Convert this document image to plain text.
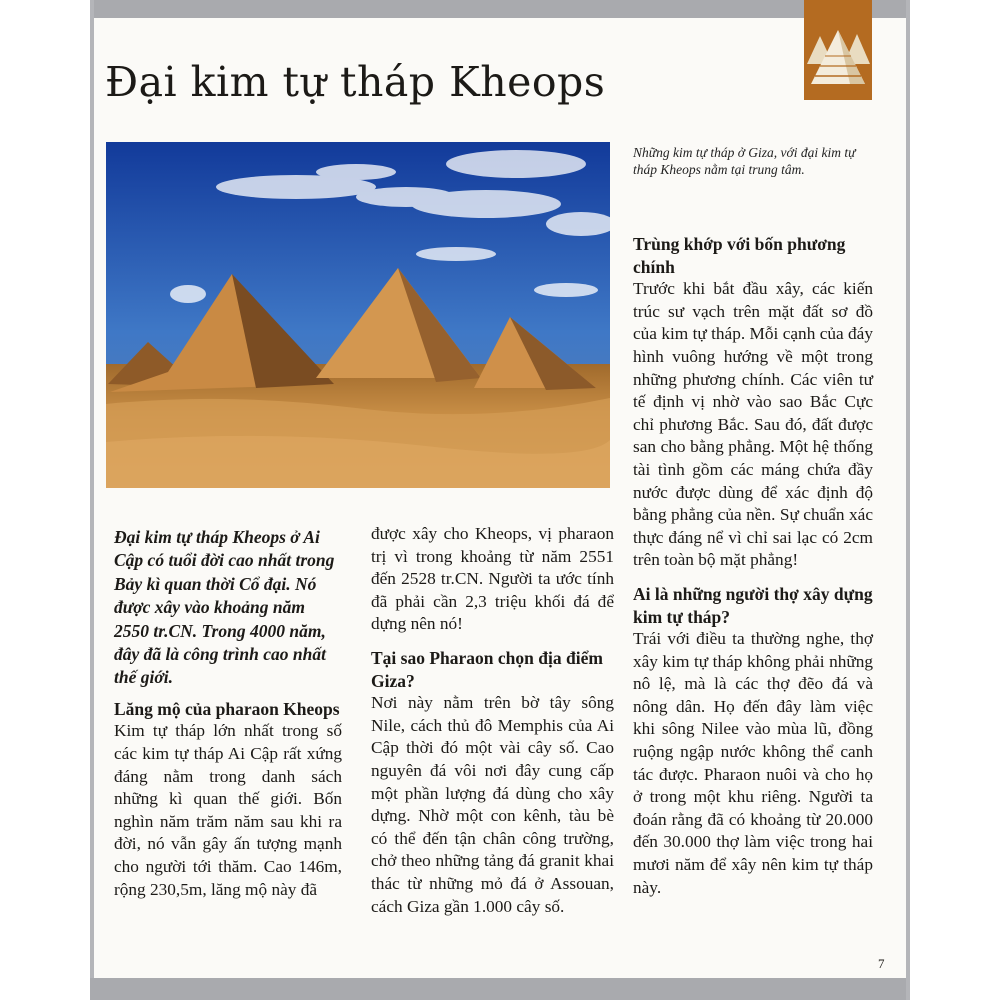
Đại kim tự tháp Kheops

Những kim tự tháp ở Giza, với đại kim tự tháp Kheops nằm tại trung tâm.

Đại kim tự tháp Kheops ở Ai Cập có tuổi đời cao nhất trong Bảy kì quan thời Cổ đại. Nó được xây vào khoảng năm 2550 tr.CN. Trong 4000 năm, đây đã là công trình cao nhất thế giới.

Lăng mộ của pharaon Kheops

Kim tự tháp lớn nhất trong số các kim tự tháp Ai Cập rất xứng đáng nằm trong danh sách những kì quan thế giới. Bốn nghìn năm trăm năm sau khi ra đời, nó vẫn gây ấn tượng mạnh cho người tới thăm. Cao 146m, rộng 230,5m, lăng mộ này đã

được xây cho Kheops, vị pharaon trị vì trong khoảng từ năm 2551 đến 2528 tr.CN. Người ta ước tính đã phải cần 2,3 triệu khối đá để dựng nên nó!

Tại sao Pharaon chọn địa điểm Giza?

Nơi này nằm trên bờ tây sông Nile, cách thủ đô Memphis của Ai Cập thời đó một vài cây số. Cao nguyên đá vôi nơi đây cung cấp một phần lượng đá dùng cho xây dựng. Nhờ một con kênh, tàu bè có thể đến tận chân công trường, chở theo những tảng đá granit khai thác từ những mỏ đá ở Assouan, cách Giza gần 1.000 cây số.

Trùng khớp với bốn phương chính

Trước khi bắt đầu xây, các kiến trúc sư vạch trên mặt đất sơ đồ của kim tự tháp. Mỗi cạnh của đáy hình vuông hướng về một trong những phương chính. Các viên tư tế định vị nhờ vào sao Bắc Cực chỉ phương Bắc. Sau đó, đất được san cho bằng phẳng. Một hệ thống tài tình gồm các máng chứa đầy nước được dùng để xác định độ bằng phẳng của nền. Sự chuẩn xác thực đáng nể vì chỉ sai lạc có 2cm trên toàn bộ mặt phẳng!

Ai là những người thợ xây dựng kim tự tháp?

Trái với điều ta thường nghe, thợ xây kim tự tháp không phải những nô lệ, mà là các thợ đẽo đá và nông dân. Họ đến đây làm việc khi sông Nilee vào mùa lũ, đồng ruộng ngập nước không thể canh tác được. Pharaon nuôi và cho họ ở trong một khu riêng. Người ta đoán rằng đã có khoảng từ 20.000 đến 30.000 thợ làm việc trong hai mươi năm để xây nên kim tự tháp này.

7
